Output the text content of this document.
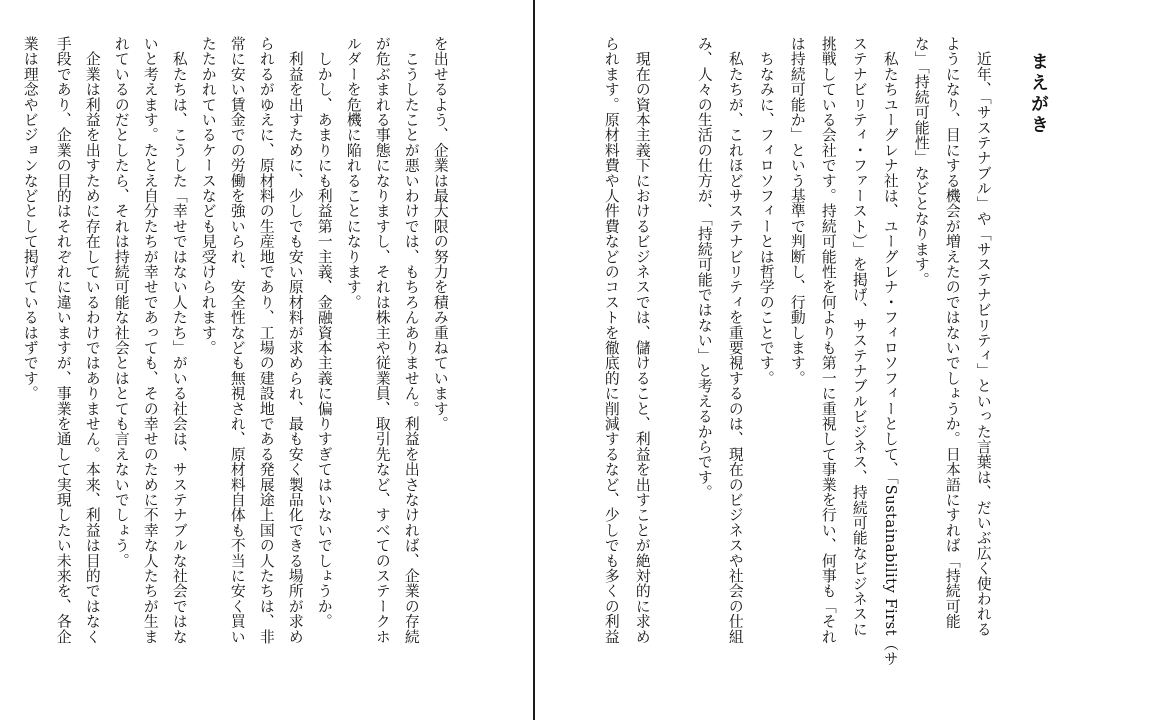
まえがき
　近年、「サステナブル」や「サステナビリティ」といった言葉は、だいぶ広く使われる
ようになり、目にする機会が増えたのではないでしょうか。日本語にすれば「持続可能
な」「持続可能性」などとなります。
　私たちユーグレナ社は、ユーグレナ・フィロソフィーとして、「Sustainability First（サ
ステナビリティ・ファースト）」を掲げ、サステナブルビジネス、持続可能なビジネスに
挑戦している会社です。持続可能性を何よりも第一に重視して事業を行い、何事も「それ
は持続可能か」という基準で判断し、行動します。
　ちなみに、フィロソフィーとは哲学のことです。
　私たちが、これほどサステナビリティを重要視するのは、現在のビジネスや社会の仕組
み、人々の生活の仕方が、「持続可能ではない」と考えるからです。
　現在の資本主義下におけるビジネスでは、儲けること、利益を出すことが絶対的に求め
られます。原材料費や人件費などのコストを徹底的に削減するなど、少しでも多くの利益
を出せるよう、企業は最大限の努力を積み重ねています。
　こうしたことが悪いわけでは、もちろんありません。利益を出さなければ、企業の存続
が危ぶまれる事態になりますし、それは株主や従業員、取引先など、すべてのステークホ
ルダーを危機に陥れることになります。
　しかし、あまりにも利益第一主義、金融資本主義に偏りすぎてはいないでしょうか。
　利益を出すために、少しでも安い原材料が求められ、最も安く製品化できる場所が求め
られるがゆえに、原材料の生産地であり、工場の建設地である発展途上国の人たちは、非
常に安い賃金での労働を強いられ、安全性なども無視され、原材料自体も不当に安く買い
たたかれているケースなども見受けられます。
　私たちは、こうした「幸せではない人たち」がいる社会は、サステナブルな社会ではな
いと考えます。たとえ自分たちが幸せであっても、その幸せのために不幸な人たちが生ま
れているのだとしたら、それは持続可能な社会とはとても言えないでしょう。
　企業は利益を出すために存在しているわけではありません。本来、利益は目的ではなく
手段であり、企業の目的はそれぞれに違いますが、事業を通して実現したい未来を、各企
業は理念やビジョンなどとして掲げているはずです。
